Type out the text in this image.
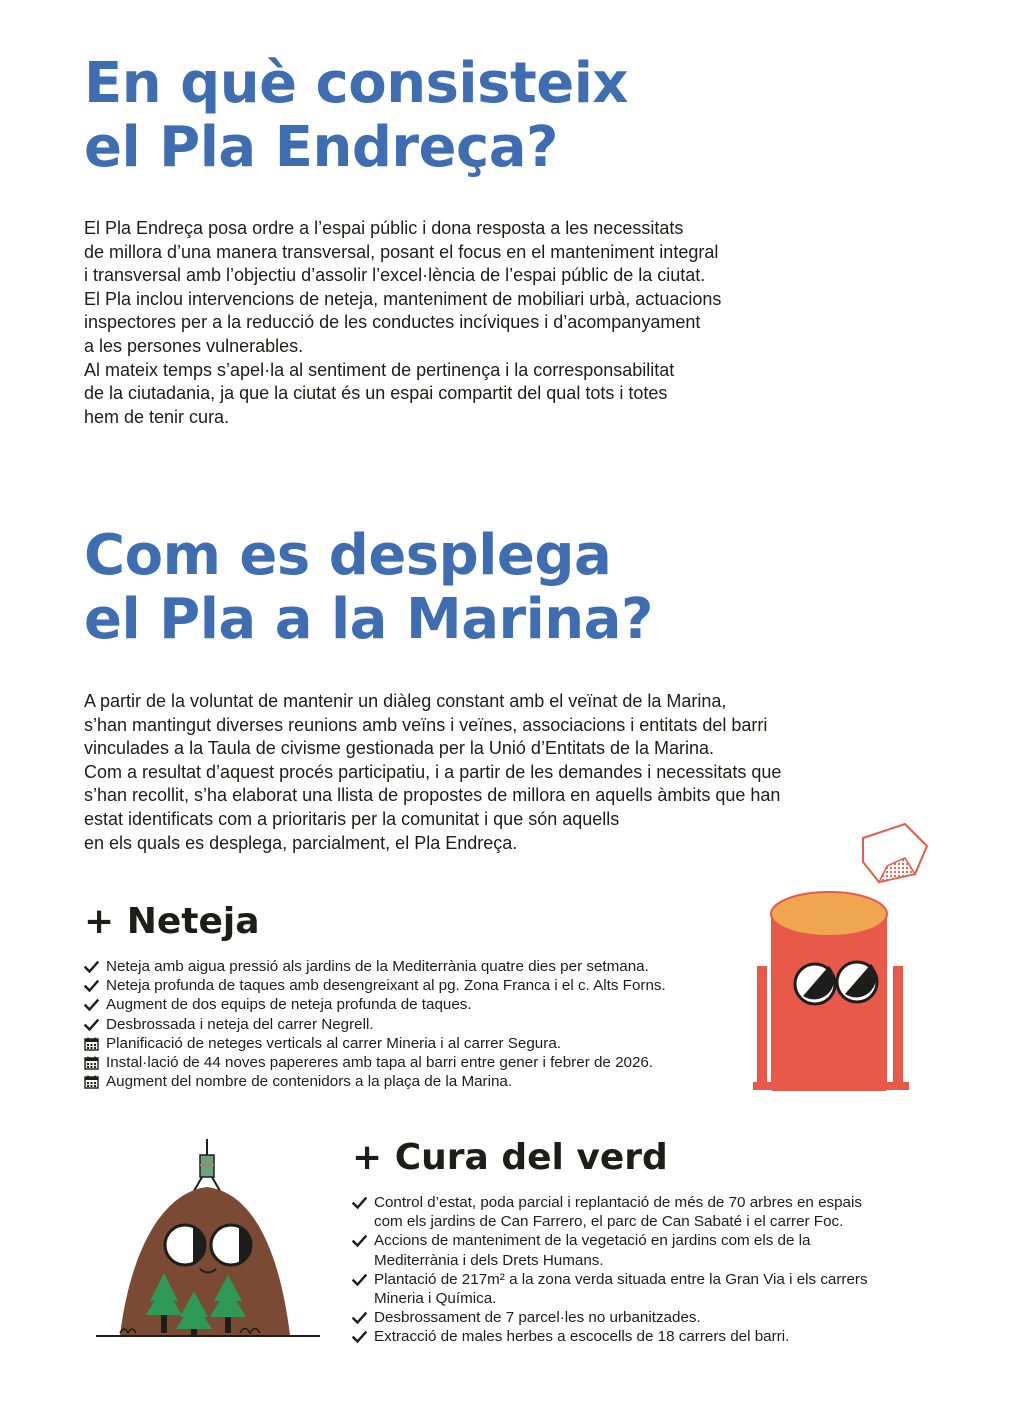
En què consisteix
el Pla Endreça?

El Pla Endreça posa ordre a l’espai públic i dona resposta a les necessitats
de millora d’una manera transversal, posant el focus en el manteniment integral
i transversal amb l’objectiu d’assolir l’excel·lència de l’espai públic de la ciutat.
El Pla inclou intervencions de neteja, manteniment de mobiliari urbà, actuacions
inspectores per a la reducció de les conductes incíviques i d’acompanyament
a les persones vulnerables.
Al mateix temps s’apel·la al sentiment de pertinença i la corresponsabilitat
de la ciutadania, ja que la ciutat és un espai compartit del qual tots i totes
hem de tenir cura.

Com es desplega
el Pla a la Marina?

A partir de la voluntat de mantenir un diàleg constant amb el veïnat de la Marina,
s’han mantingut diverses reunions amb veïns i veïnes, associacions i entitats del barri
vinculades a la Taula de civisme gestionada per la Unió d’Entitats de la Marina.
Com a resultat d’aquest procés participatiu, i a partir de les demandes i necessitats que
s’han recollit, s’ha elaborat una llista de propostes de millora en aquells àmbits que han
estat identificats com a prioritaris per la comunitat i que són aquells
en els quals es desplega, parcialment, el Pla Endreça.

+ Neteja
Neteja amb aigua pressió als jardins de la Mediterrània quatre dies per setmana.
Neteja profunda de taques amb desengreixant al pg. Zona Franca i el c. Alts Forns.
Augment de dos equips de neteja profunda de taques.
Desbrossada i neteja del carrer Negrell.
Planificació de neteges verticals al carrer Mineria i al carrer Segura.
Instal·lació de 44 noves papereres amb tapa al barri entre gener i febrer de 2026.
Augment del nombre de contenidors a la plaça de la Marina.
+ Cura del verd
Control d’estat, poda parcial i replantació de més de 70 arbres en espais
com els jardins de Can Farrero, el parc de Can Sabaté i el carrer Foc.
Accions de manteniment de la vegetació en jardins com els de la
Mediterrània i dels Drets Humans.
Plantació de 217m² a la zona verda situada entre la Gran Via i els carrers
Mineria i Química.
Desbrossament de 7 parcel·les no urbanitzades.
Extracció de males herbes a escocells de 18 carrers del barri.
